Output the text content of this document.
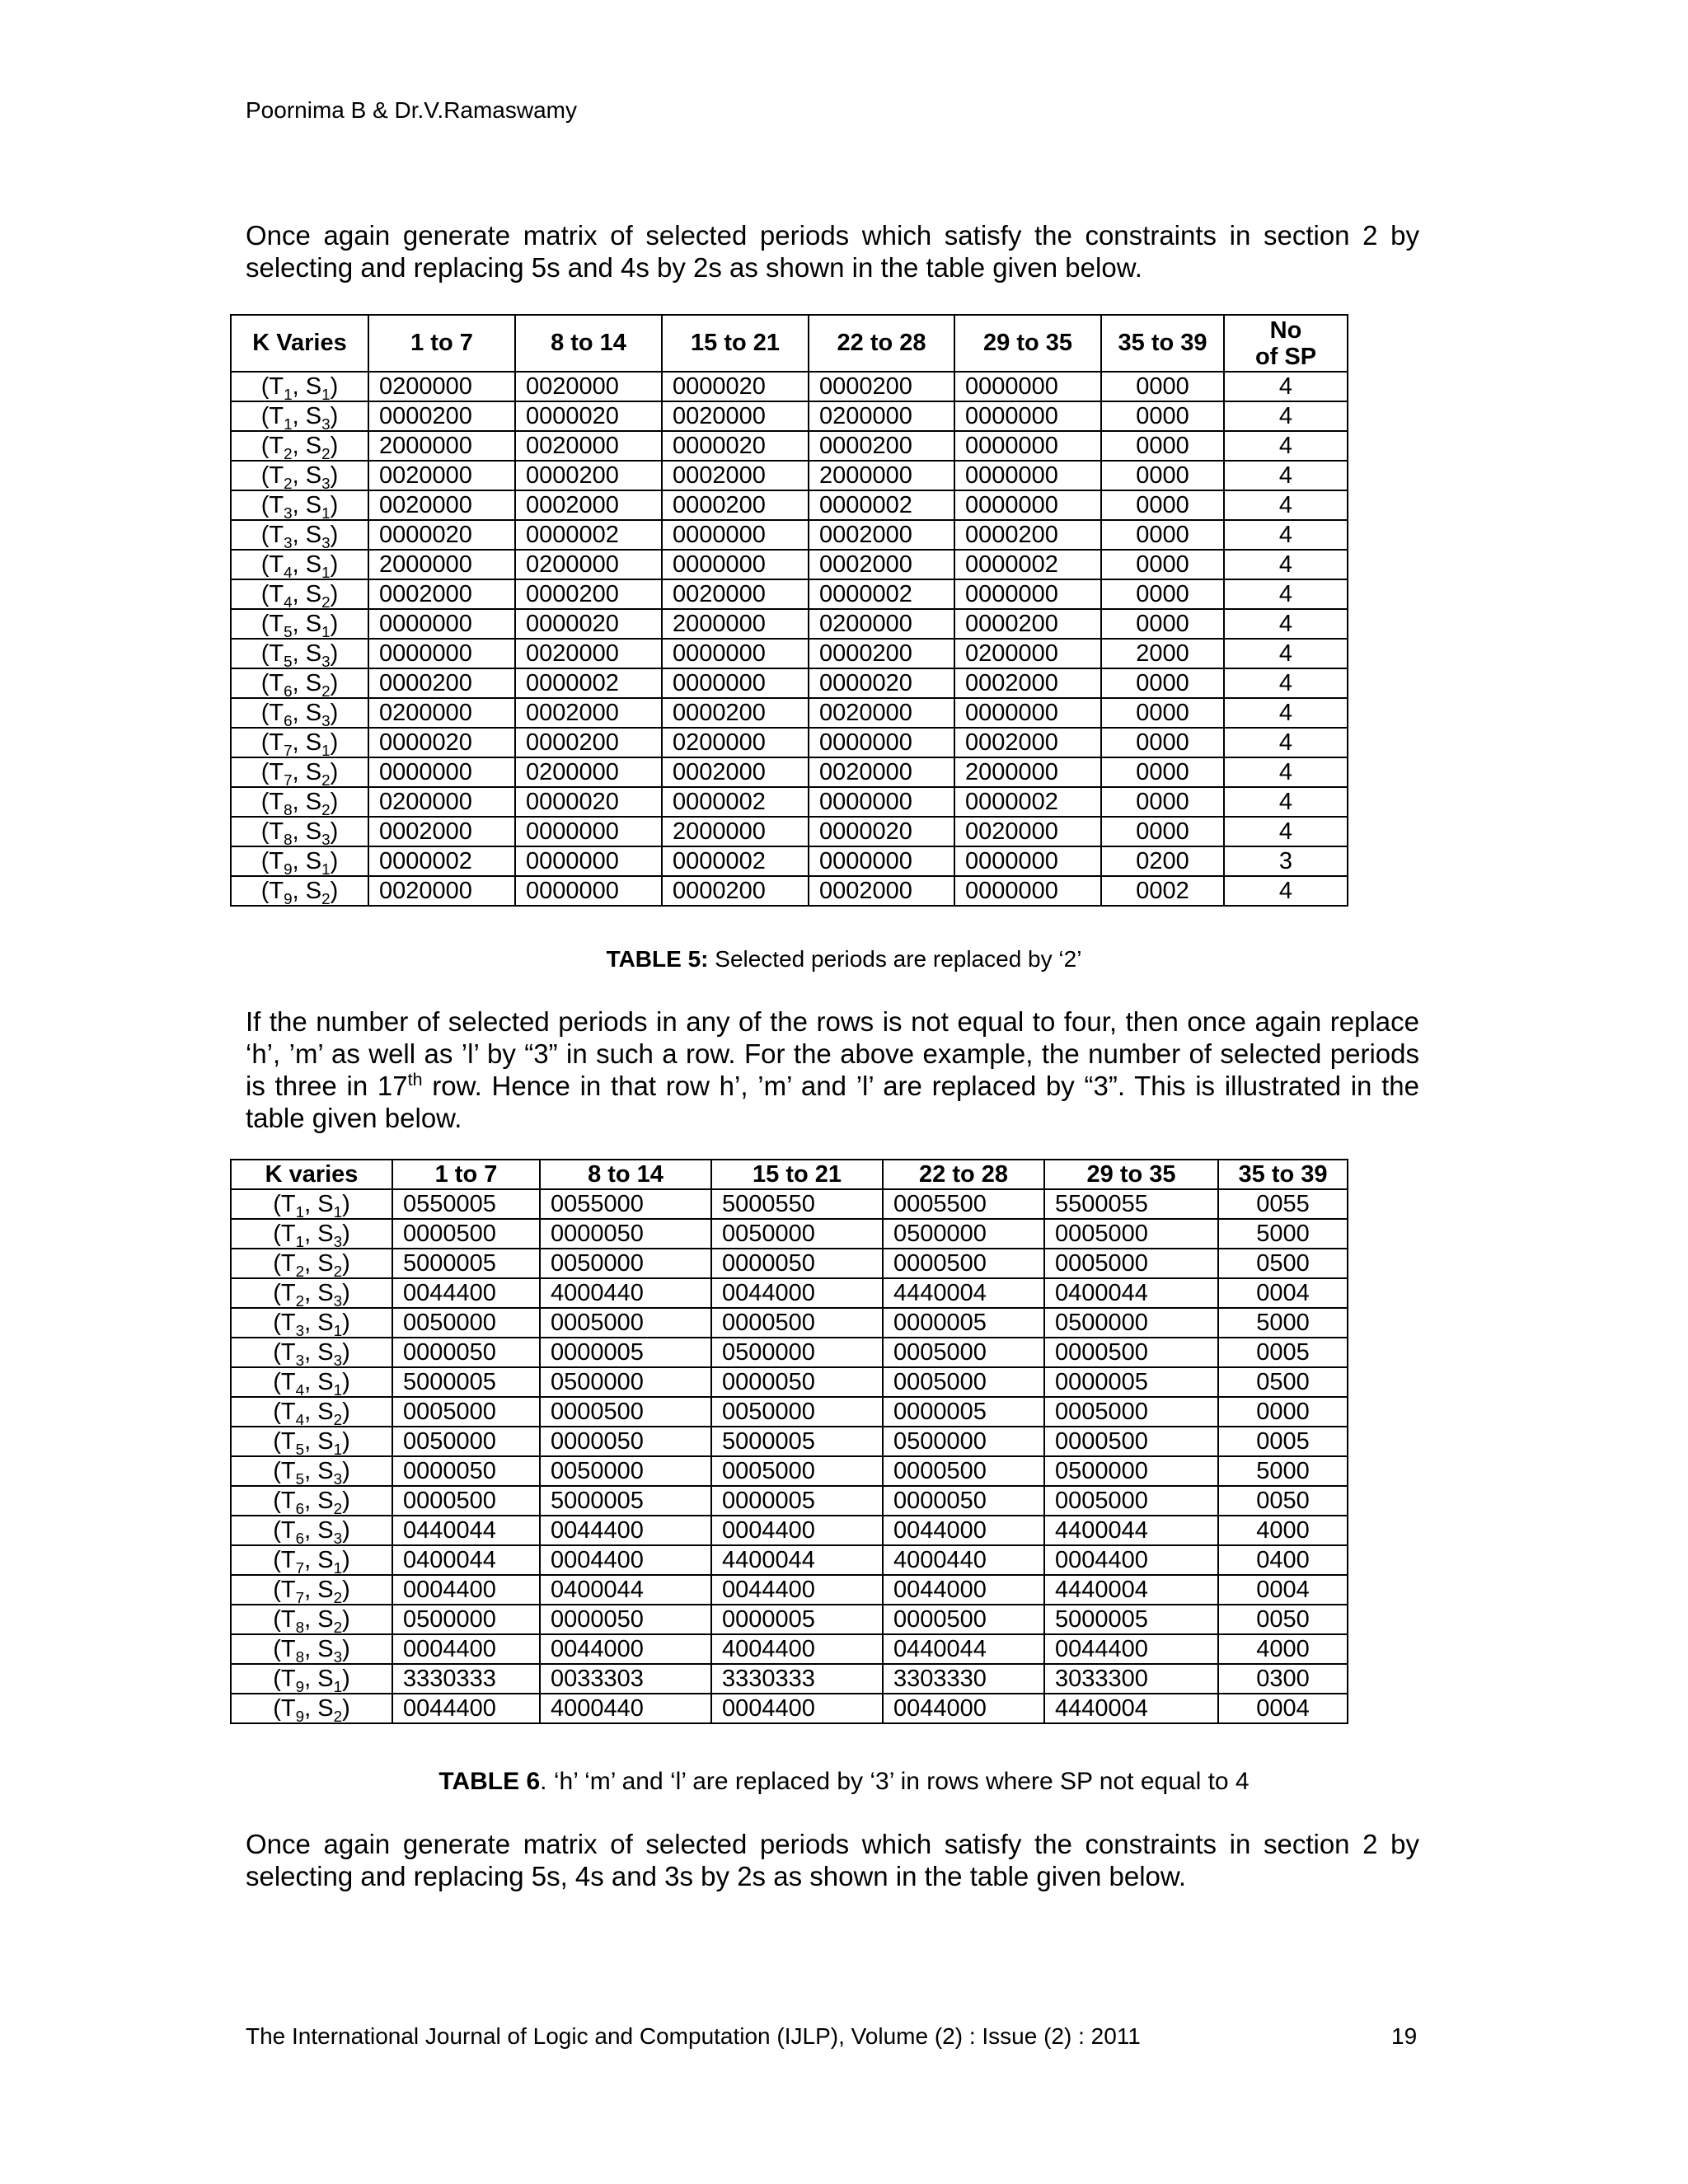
Poornima B & Dr.V.Ramaswamy
Once again generate matrix of selected periods which satisfy the constraints in section 2 by
selecting and replacing 5s and 4s by 2s as shown in the table given below.
K Varies	1 to 7	8 to 14	15 to 21	22 to 28	29 to 35	35 to 39	No
of SP

($T_1$, $S_1$)	0200000	0020000	0000020	0000200	0000000	0000	4
($T_1$, $S_3$)	0000200	0000020	0020000	0200000	0000000	0000	4
($T_2$, $S_2$)	2000000	0020000	0000020	0000200	0000000	0000	4
($T_2$, $S_3$)	0020000	0000200	0002000	2000000	0000000	0000	4
($T_3$, $S_1$)	0020000	0002000	0000200	0000002	0000000	0000	4
($T_3$, $S_3$)	0000020	0000002	0000000	0002000	0000200	0000	4
($T_4$, $S_1$)	2000000	0200000	0000000	0002000	0000002	0000	4
($T_4$, $S_2$)	0002000	0000200	0020000	0000002	0000000	0000	4
($T_5$, $S_1$)	0000000	0000020	2000000	0200000	0000200	0000	4
($T_5$, $S_3$)	0000000	0020000	0000000	0000200	0200000	2000	4
($T_6$, $S_2$)	0000200	0000002	0000000	0000020	0002000	0000	4
($T_6$, $S_3$)	0200000	0002000	0000200	0020000	0000000	0000	4
($T_7$, $S_1$)	0000020	0000200	0200000	0000000	0002000	0000	4
($T_7$, $S_2$)	0000000	0200000	0002000	0020000	2000000	0000	4
($T_8$, $S_2$)	0200000	0000020	0000002	0000000	0000002	0000	4
($T_8$, $S_3$)	0002000	0000000	2000000	0000020	0020000	0000	4
($T_9$, $S_1$)	0000002	0000000	0000002	0000000	0000000	0200	3
($T_9$, $S_2$)	0020000	0000000	0000200	0002000	0000000	0002	4
TABLE 5: Selected periods are replaced by ‘2’
If the number of selected periods in any of the rows is not equal to four, then once again replace
‘h’, ’m’ as well as ’l’ by “3” in such a row. For the above example, the number of selected periods
is three in 17th row. Hence in that row h’, ’m’ and ’l’ are replaced by “3”. This is illustrated in the
table given below.
K varies	1 to 7	8 to 14	15 to 21	22 to 28	29 to 35	35 to 39
($T_1$, $S_1$)	0550005	0055000	5000550	0005500	5500055	0055
($T_1$, $S_3$)	0000500	0000050	0050000	0500000	0005000	5000
($T_2$, $S_2$)	5000005	0050000	0000050	0000500	0005000	0500
($T_2$, $S_3$)	0044400	4000440	0044000	4440004	0400044	0004
($T_3$, $S_1$)	0050000	0005000	0000500	0000005	0500000	5000
($T_3$, $S_3$)	0000050	0000005	0500000	0005000	0000500	0005
($T_4$, $S_1$)	5000005	0500000	0000050	0005000	0000005	0500
($T_4$, $S_2$)	0005000	0000500	0050000	0000005	0005000	0000
($T_5$, $S_1$)	0050000	0000050	5000005	0500000	0000500	0005
($T_5$, $S_3$)	0000050	0050000	0005000	0000500	0500000	5000
($T_6$, $S_2$)	0000500	5000005	0000005	0000050	0005000	0050
($T_6$, $S_3$)	0440044	0044400	0004400	0044000	4400044	4000
($T_7$, $S_1$)	0400044	0004400	4400044	4000440	0004400	0400
($T_7$, $S_2$)	0004400	0400044	0044400	0044000	4440004	0004
($T_8$, $S_2$)	0500000	0000050	0000005	0000500	5000005	0050
($T_8$, $S_3$)	0004400	0044000	4004400	0440044	0044400	4000
($T_9$, $S_1$)	3330333	0033303	3330333	3303330	3033300	0300
($T_9$, $S_2$)	0044400	4000440	0004400	0044000	4440004	0004
TABLE 6. ‘h’ ‘m’ and ‘l’ are replaced by ‘3’ in rows where SP not equal to 4
Once again generate matrix of selected periods which satisfy the constraints in section 2 by
selecting and replacing 5s, 4s and 3s by 2s as shown in the table given below.
The International Journal of Logic and Computation (IJLP), Volume (2) : Issue (2) : 2011	19
